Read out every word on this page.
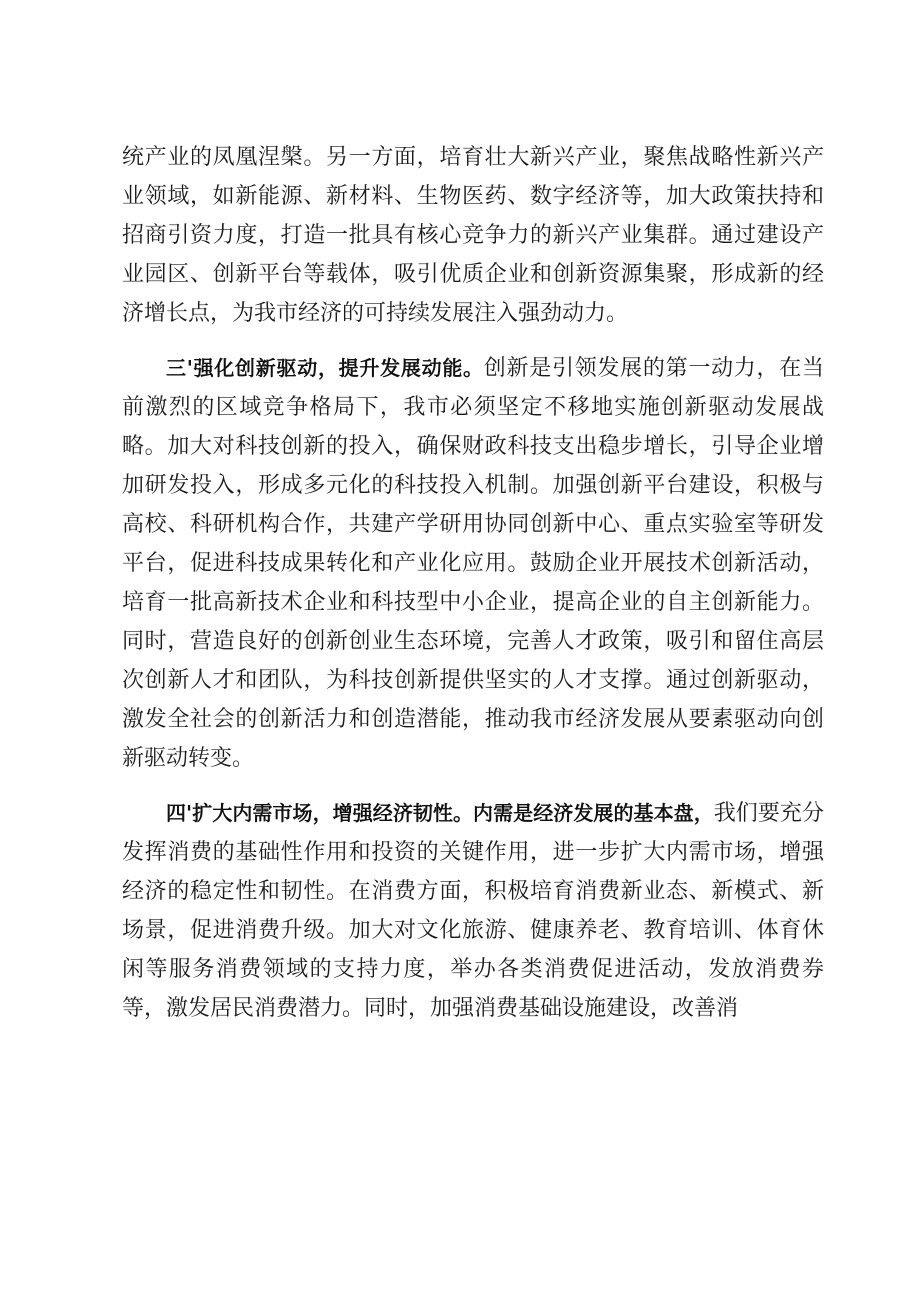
统产业的凤凰涅槃。另一方面，培育壮大新兴产业，聚焦战略性新兴产业领域，如新能源、新材料、生物医药、数字经济等，加大政策扶持和招商引资力度，打造一批具有核心竞争力的新兴产业集群。通过建设产业园区、创新平台等载体，吸引优质企业和创新资源集聚，形成新的经济增长点，为我市经济的可持续发展注入强劲动力。

三'强化创新驱动，提升发展动能。创新是引领发展的第一动力，在当前激烈的区域竞争格局下，我市必须坚定不移地实施创新驱动发展战略。加大对科技创新的投入，确保财政科技支出稳步增长，引导企业增加研发投入，形成多元化的科技投入机制。加强创新平台建设，积极与高校、科研机构合作，共建产学研用协同创新中心、重点实验室等研发平台，促进科技成果转化和产业化应用。鼓励企业开展技术创新活动，培育一批高新技术企业和科技型中小企业，提高企业的自主创新能力。同时，营造良好的创新创业生态环境，完善人才政策，吸引和留住高层次创新人才和团队，为科技创新提供坚实的人才支撑。通过创新驱动，激发全社会的创新活力和创造潜能，推动我市经济发展从要素驱动向创新驱动转变。

四'扩大内需市场，增强经济韧性。内需是经济发展的基本盘，我们要充分发挥消费的基础性作用和投资的关键作用，进一步扩大内需市场，增强经济的稳定性和韧性。在消费方面，积极培育消费新业态、新模式、新场景，促进消费升级。加大对文化旅游、健康养老、教育培训、体育休闲等服务消费领域的支持力度，举办各类消费促进活动，发放消费券等，激发居民消费潜力。同时，加强消费基础设施建设，改善消
